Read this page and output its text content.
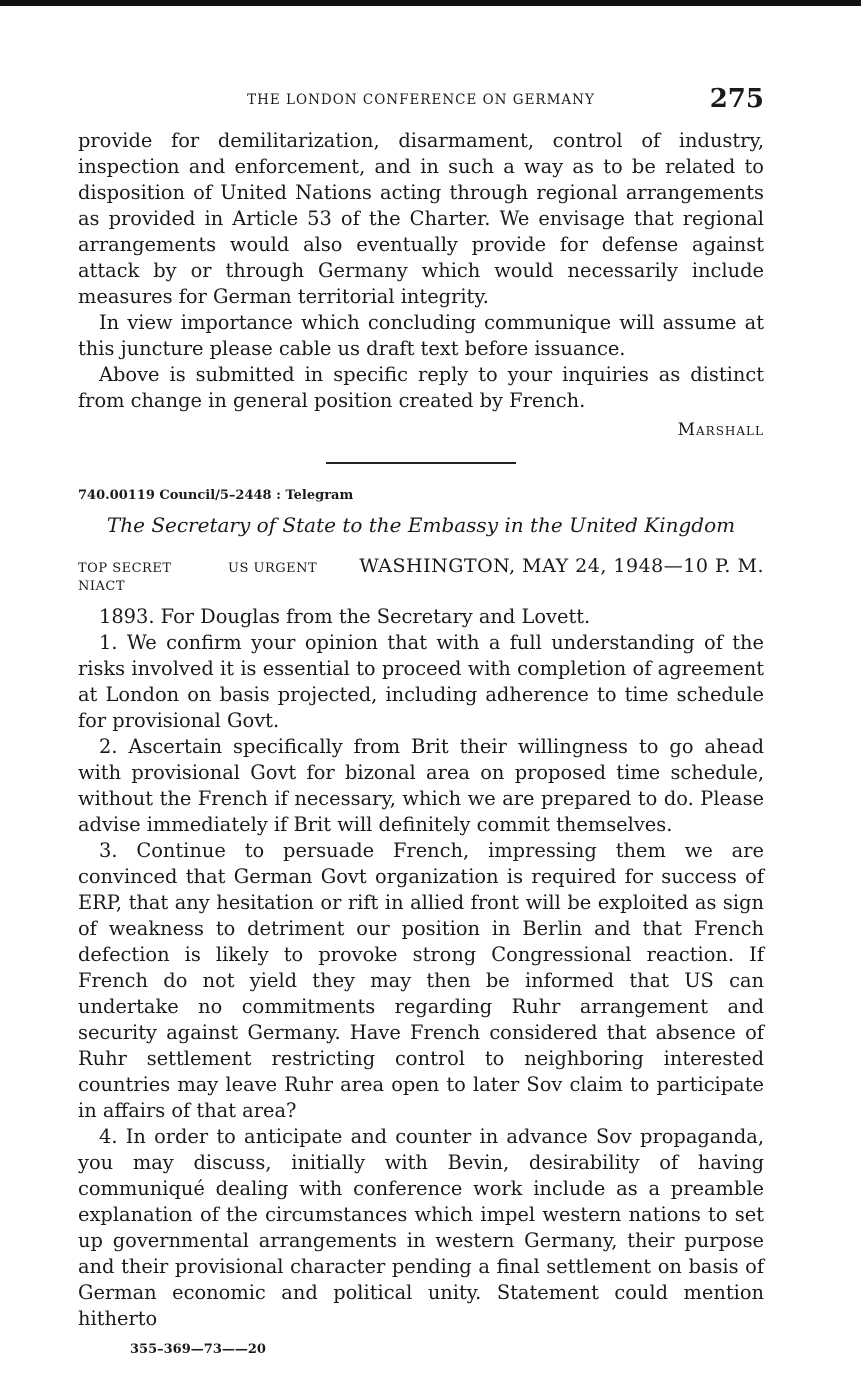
THE LONDON CONFERENCE ON GERMANY	275

provide for demilitarization, disarmament, control of industry, inspection and enforcement, and in such a way as to be related to disposition of United Nations acting through regional arrangements as provided in Article 53 of the Charter. We envisage that regional arrangements would also eventually provide for defense against attack by or through Germany which would necessarily include measures for German territorial integrity.

In view importance which concluding communique will assume at this juncture please cable us draft text before issuance.

Above is submitted in specific reply to your inquiries as distinct from change in general position created by French.

Marshall
740.00119 Council/5–2448 : Telegram
The Secretary of State to the Embassy in the United Kingdom
TOP SECRET	US URGENT WASHINGTON, MAY 24, 1948—10 P. M.
NIACT

1893. For Douglas from the Secretary and Lovett.

1. We confirm your opinion that with a full understanding of the risks involved it is essential to proceed with completion of agreement at London on basis projected, including adherence to time schedule for provisional Govt.

2. Ascertain specifically from Brit their willingness to go ahead with provisional Govt for bizonal area on proposed time schedule, without the French if necessary, which we are prepared to do. Please advise immediately if Brit will definitely commit themselves.

3. Continue to persuade French, impressing them we are convinced that German Govt organization is required for success of ERP, that any hesitation or rift in allied front will be exploited as sign of weakness to detriment our position in Berlin and that French defection is likely to provoke strong Congressional reaction. If French do not yield they may then be informed that US can undertake no commitments regarding Ruhr arrangement and security against Germany. Have French considered that absence of Ruhr settlement restricting control to neighboring interested countries may leave Ruhr area open to later Sov claim to participate in affairs of that area?

4. In order to anticipate and counter in advance Sov propaganda, you may discuss, initially with Bevin, desirability of having communiqué dealing with conference work include as a preamble explanation of the circumstances which impel western nations to set up governmental arrangements in western Germany, their purpose and their provisional character pending a final settlement on basis of German economic and political unity. Statement could mention hitherto

355–369—73——20
